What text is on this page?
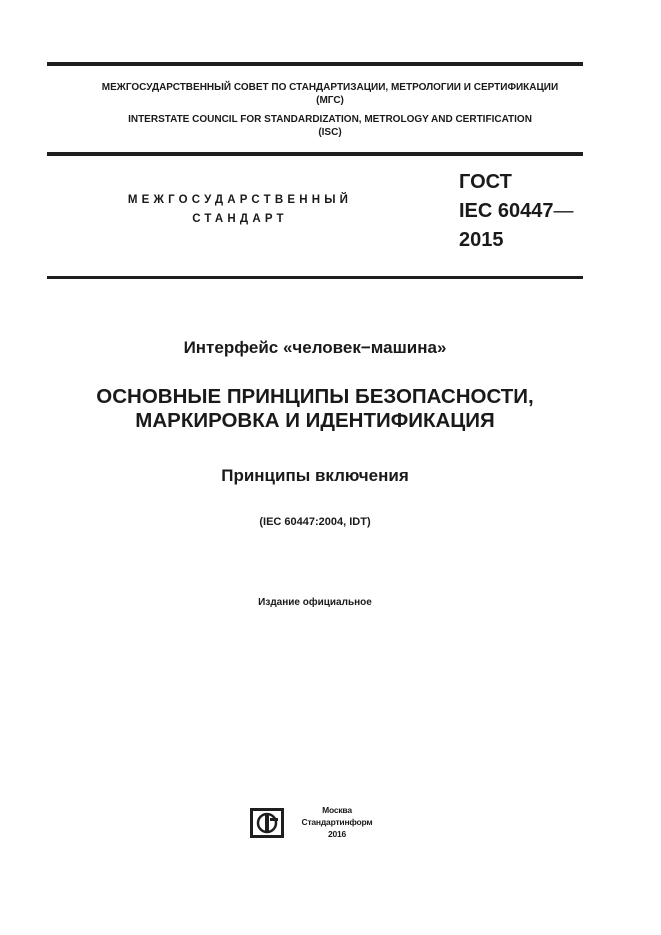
МЕЖГОСУДАРСТВЕННЫЙ СОВЕТ ПО СТАНДАРТИЗАЦИИ, МЕТРОЛОГИИ И СЕРТИФИКАЦИИ
(МГС)
INTERSTATE COUNCIL FOR STANDARDIZATION, METROLOGY AND CERTIFICATION
(ISC)
МЕЖГОСУДАРСТВЕННЫЙ
СТАНДАРТ
ГОСТ
IEC 60447—
2015
Интерфейс «человек−машина»
ОСНОВНЫЕ ПРИНЦИПЫ БЕЗОПАСНОСТИ,
МАРКИРОВКА И ИДЕНТИФИКАЦИЯ
Принципы включения
(IEC 60447:2004, IDT)
Издание официальное
Москва
Стандартинформ
2016
